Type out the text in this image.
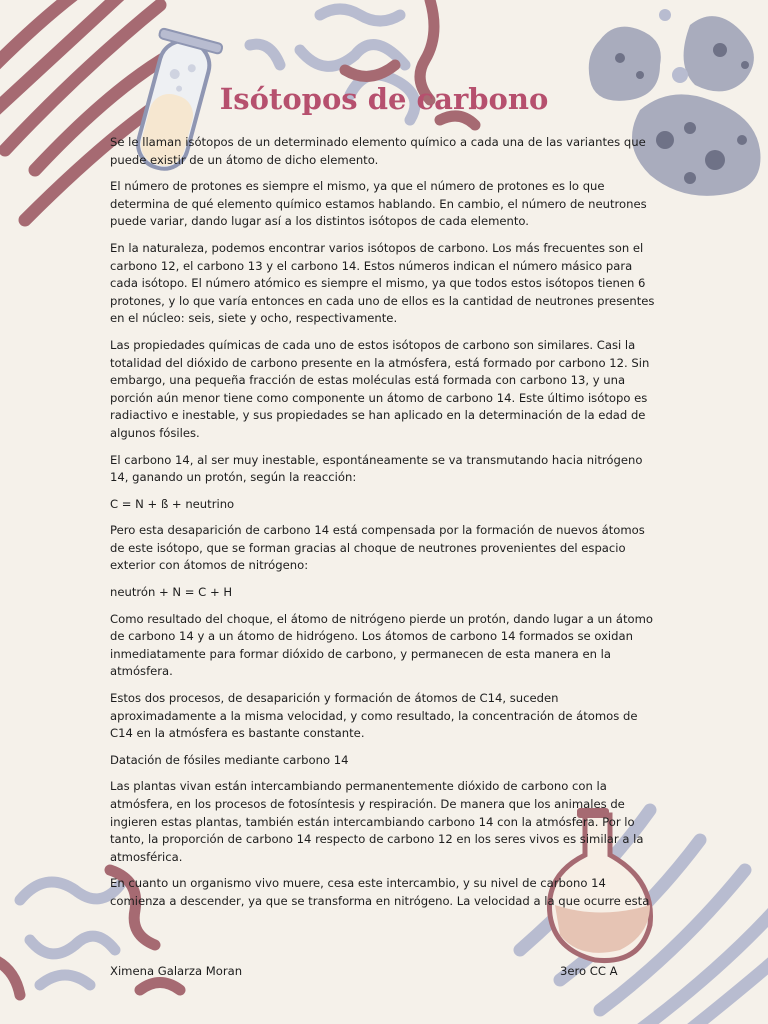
Isótopos de carbono

Se le llaman isótopos de un determinado elemento químico a cada una de las variantes que puede existir de un átomo de dicho elemento.

El número de protones es siempre el mismo, ya que el número de protones es lo que determina de qué elemento químico estamos hablando. En cambio, el número de neutrones puede variar, dando lugar así a los distintos isótopos de cada elemento.

En la naturaleza, podemos encontrar varios isótopos de carbono. Los más frecuentes son el carbono 12, el carbono 13 y el carbono 14. Estos números indican el número másico para cada isótopo. El número atómico es siempre el mismo, ya que todos estos isótopos tienen 6 protones, y lo que varía entonces en cada uno de ellos es la cantidad de neutrones presentes en el núcleo: seis, siete y ocho, respectivamente.

Las propiedades químicas de cada uno de estos isótopos de carbono son similares. Casi la totalidad del dióxido de carbono presente en la atmósfera, está formado por carbono 12. Sin embargo, una pequeña fracción de estas moléculas está formada con carbono 13, y una porción aún menor tiene como componente un átomo de carbono 14. Este último isótopo es radiactivo e inestable, y sus propiedades se han aplicado en la determinación de la edad de algunos fósiles.

El carbono 14, al ser muy inestable, espontáneamente se va transmutando hacia nitrógeno 14, ganando un protón, según la reacción:

C = N + ß + neutrino

Pero esta desaparición de carbono 14 está compensada por la formación de nuevos átomos de este isótopo, que se forman gracias al choque de neutrones provenientes del espacio exterior con átomos de nitrógeno:

neutrón + N = C + H

Como resultado del choque, el átomo de nitrógeno pierde un protón, dando lugar a un átomo de carbono 14 y a un átomo de hidrógeno. Los átomos de carbono 14 formados se oxidan inmediatamente para formar dióxido de carbono, y permanecen de esta manera en la atmósfera.

Estos dos procesos, de desaparición y formación de átomos de C14, suceden aproximadamente a la misma velocidad, y como resultado, la concentración de átomos de C14 en la atmósfera es bastante constante.

Datación de fósiles mediante carbono 14

Las plantas vivan están intercambiando permanentemente dióxido de carbono con la atmósfera, en los procesos de fotosíntesis y respiración. De manera que los animales de ingieren estas plantas, también están intercambiando carbono 14 con la atmósfera. Por lo tanto, la proporción de carbono 14 respecto de carbono 12 en los seres vivos es similar a la atmosférica.

En cuanto un organismo vivo muere, cesa este intercambio, y su nivel de carbono 14 comienza a descender, ya que se transforma en nitrógeno. La velocidad a la que ocurre esta

Ximena Galarza Moran	3ero CC A
